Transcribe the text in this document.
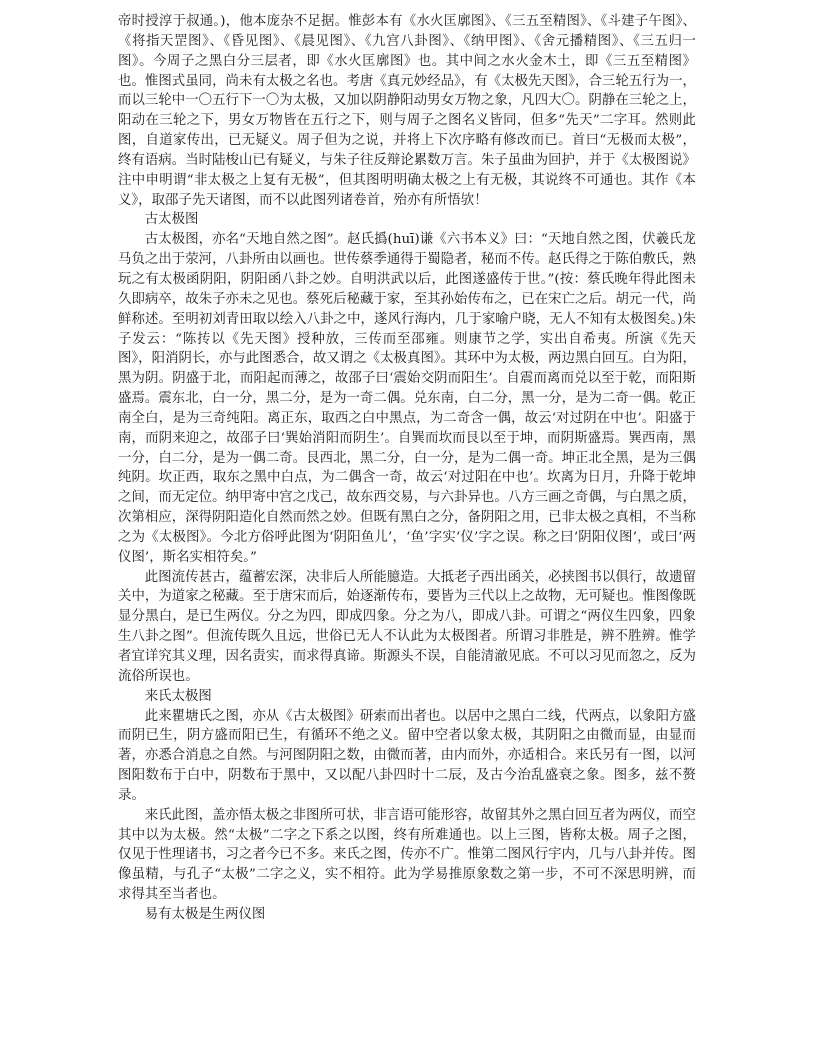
帝时授淳于叔通。)，他本庞杂不足据。惟彭本有《水火匡廓图》、《三五至精图》、《斗建子午图》、《将指天罡图》、《昏见图》、《晨见图》、《九宫八卦图》、《纳甲图》、《舍元播精图》、《三五归一图》。今周子之黑白分三层者，即《水火匡廓图》也。其中间之水火金木土，即《三五至精图》也。惟图式虽同，尚未有太极之名也。考唐《真元妙经品》，有《太极先天图》，合三轮五行为一，而以三轮中一〇五行下一〇为太极，又加以阴静阳动男女万物之象，凡四大〇。阴静在三轮之上，阳动在三轮之下，男女万物皆在五行之下，则与周子之图名义皆同，但多“先天”二字耳。然则此图，自道家传出，已无疑义。周子但为之说，并将上下次序略有修改而已。首曰“无极而太极”，终有语病。当时陆梭山已有疑义，与朱子往反辩论累数万言。朱子虽曲为回护，并于《太极图说》注中申明谓“非太极之上复有无极”，但其图明明确太极之上有无极，其说终不可通也。其作《本义》，取邵子先天诸图，而不以此图列诸卷首，殆亦有所悟欤！

古太极图

古太极图，亦名“天地自然之图”。赵氏撝(huī)谦《六书本义》曰：“天地自然之图，伏羲氏龙马负之出于荥河，八卦所由以画也。世传蔡季通得于蜀隐者，秘而不传。赵氏得之于陈伯敷氏，熟玩之有太极函阴阳，阴阳函八卦之妙。自明洪武以后，此图遂盛传于世。”(按：蔡氏晚年得此图未久即病卒，故朱子亦未之见也。蔡死后秘藏于家，至其孙始传布之，已在宋亡之后。胡元一代，尚鲜称述。至明初刘青田取以绘入八卦之中，遂风行海内，几于家喻户晓，无人不知有太极图矣。)朱子发云：“陈抟以《先天图》授种放，三传而至邵雍。则康节之学，实出自希夷。所演《先天图》，阳消阴长，亦与此图悉合，故又谓之《太极真图》。其环中为太极，两边黑白回互。白为阳，黑为阴。阴盛于北，而阳起而薄之，故邵子曰‘震始交阴而阳生’。自震而离而兑以至于乾，而阳斯盛焉。震东北，白一分，黑二分，是为一奇二偶。兑东南，白二分，黑一分，是为二奇一偶。乾正南全白，是为三奇纯阳。离正东，取西之白中黑点，为二奇含一偶，故云‘对过阴在中也’。阳盛于南，而阴来迎之，故邵子曰‘巽始消阳而阴生’。自巽而坎而艮以至于坤，而阴斯盛焉。巽西南，黑一分，白二分，是为一偶二奇。艮西北，黑二分，白一分，是为二偶一奇。坤正北全黑，是为三偶纯阴。坎正西，取东之黑中白点，为二偶含一奇，故云‘对过阳在中也’。坎离为日月，升降于乾坤之间，而无定位。纳甲寄中宫之戊己，故东西交易，与六卦异也。八方三画之奇偶，与白黑之质，次第相应，深得阴阳造化自然而然之妙。但既有黑白之分，备阴阳之用，已非太极之真相，不当称之为《太极图》。今北方俗呼此图为‘阴阳鱼儿’，‘鱼’字实‘仪’字之误。称之曰‘阴阳仪图’，或曰‘两仪图’，斯名实相符矣。”

此图流传甚古，蕴蓄宏深，决非后人所能臆造。大抵老子西出函关，必挟图书以俱行，故遗留关中，为道家之秘藏。至于唐宋而后，始逐渐传布，要皆为三代以上之故物，无可疑也。惟图像既显分黑白，是已生两仪。分之为四，即成四象。分之为八，即成八卦。可谓之“两仪生四象，四象生八卦之图”。但流传既久且远，世俗已无人不认此为太极图者。所谓习非胜是，辨不胜辨。惟学者宜详究其义理，因名责实，而求得真谛。斯源头不误，自能清澈见底。不可以习见而忽之，反为流俗所误也。

来氏太极图

此来瞿塘氏之图，亦从《古太极图》研索而出者也。以居中之黑白二线，代两点，以象阳方盛而阴已生，阴方盛而阳已生，有循环不绝之义。留中空者以象太极，其阴阳之由微而显，由显而著，亦悉合消息之自然。与河图阴阳之数，由微而著，由内而外，亦适相合。来氏另有一图，以河图阳数布于白中，阴数布于黑中，又以配八卦四时十二辰，及古今治乱盛衰之象。图多，兹不赘录。

来氏此图，盖亦悟太极之非图所可状，非言语可能形容，故留其外之黑白回互者为两仪，而空其中以为太极。然“太极”二字之下系之以图，终有所难通也。以上三图，皆称太极。周子之图，仅见于性理诸书，习之者今已不多。来氏之图，传亦不广。惟第二图风行宇内，几与八卦并传。图像虽精，与孔子“太极”二字之义，实不相符。此为学易推原象数之第一步，不可不深思明辨，而求得其至当者也。

易有太极是生两仪图
